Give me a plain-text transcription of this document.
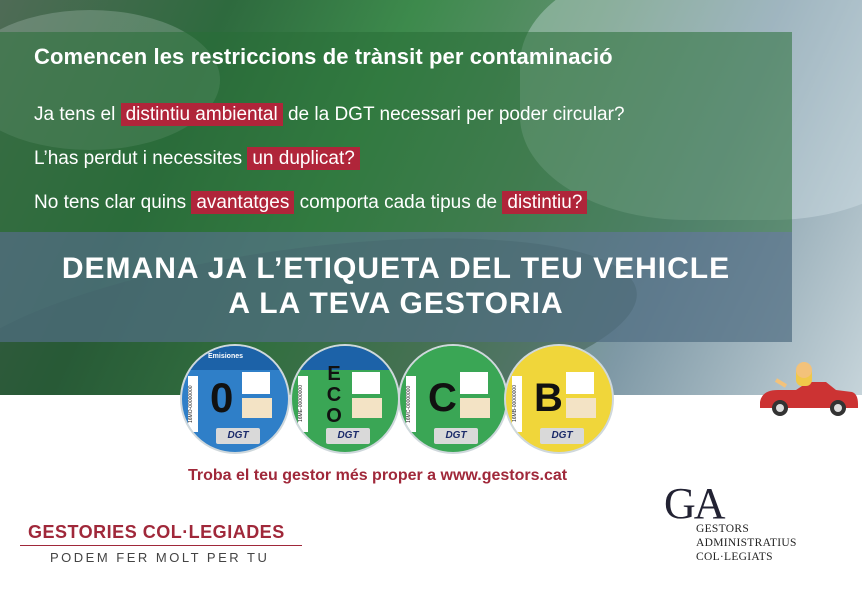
Comencen les restriccions de trànsit per contaminació
Ja tens el distintiu ambiental de la DGT necessari per poder circular?
L’has perdut i necessites un duplicat?
No tens clar quins avantatges comporta cada tipus de distintiu?
DEMANA JA L’ETIQUETA DEL TEU VEHICLE
A LA TEVA GESTORIA
Emisiones
16MO-00000000 0
DGT
16ME-00000000
ECO
DGT
16MC-00000000 C
DGT
16MB-00000000 B
DGT
Troba el teu gestor més proper a www.gestors.cat
GESTORIES COL·LEGIADES
PODEM FER MOLT PER TU
GA
GESTORS
ADMINISTRATIUS
COL·LEGIATS
